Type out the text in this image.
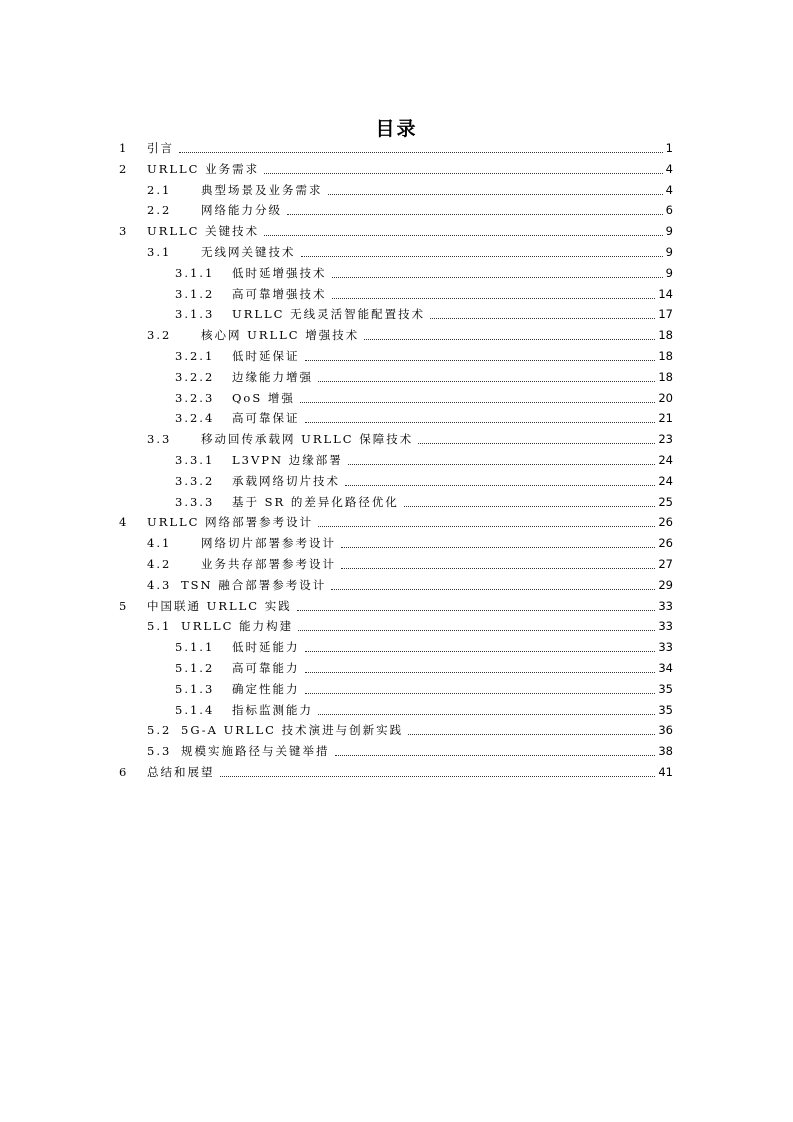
目录
1 引言	1
2 URLLC 业务需求	4
2.1	典型场景及业务需求	4
2.2	网络能力分级	6
3 URLLC 关键技术	9
3.1	无线网关键技术	9
3.1.1 低时延增强技术	9
3.1.2 高可靠增强技术	14
3.1.3 URLLC 无线灵活智能配置技术	17
3.2	核心网 URLLC 增强技术	18
3.2.1 低时延保证	18
3.2.2 边缘能力增强	18
3.2.3 QoS 增强	20
3.2.4 高可靠保证	21
3.3	移动回传承载网 URLLC 保障技术	23
3.3.1 L3VPN 边缘部署	24
3.3.2 承载网络切片技术	24
3.3.3 基于 SR 的差异化路径优化	25
4 URLLC 网络部署参考设计	26
4.1	网络切片部署参考设计	26
4.2	业务共存部署参考设计	27
4.3 TSN 融合部署参考设计	29
5 中国联通 URLLC 实践	33
5.1 URLLC 能力构建	33
5.1.1 低时延能力	33
5.1.2 高可靠能力	34
5.1.3 确定性能力	35
5.1.4 指标监测能力	35
5.2 5G-A URLLC 技术演进与创新实践	36
5.3 规模实施路径与关键举措	38
6 总结和展望	41
